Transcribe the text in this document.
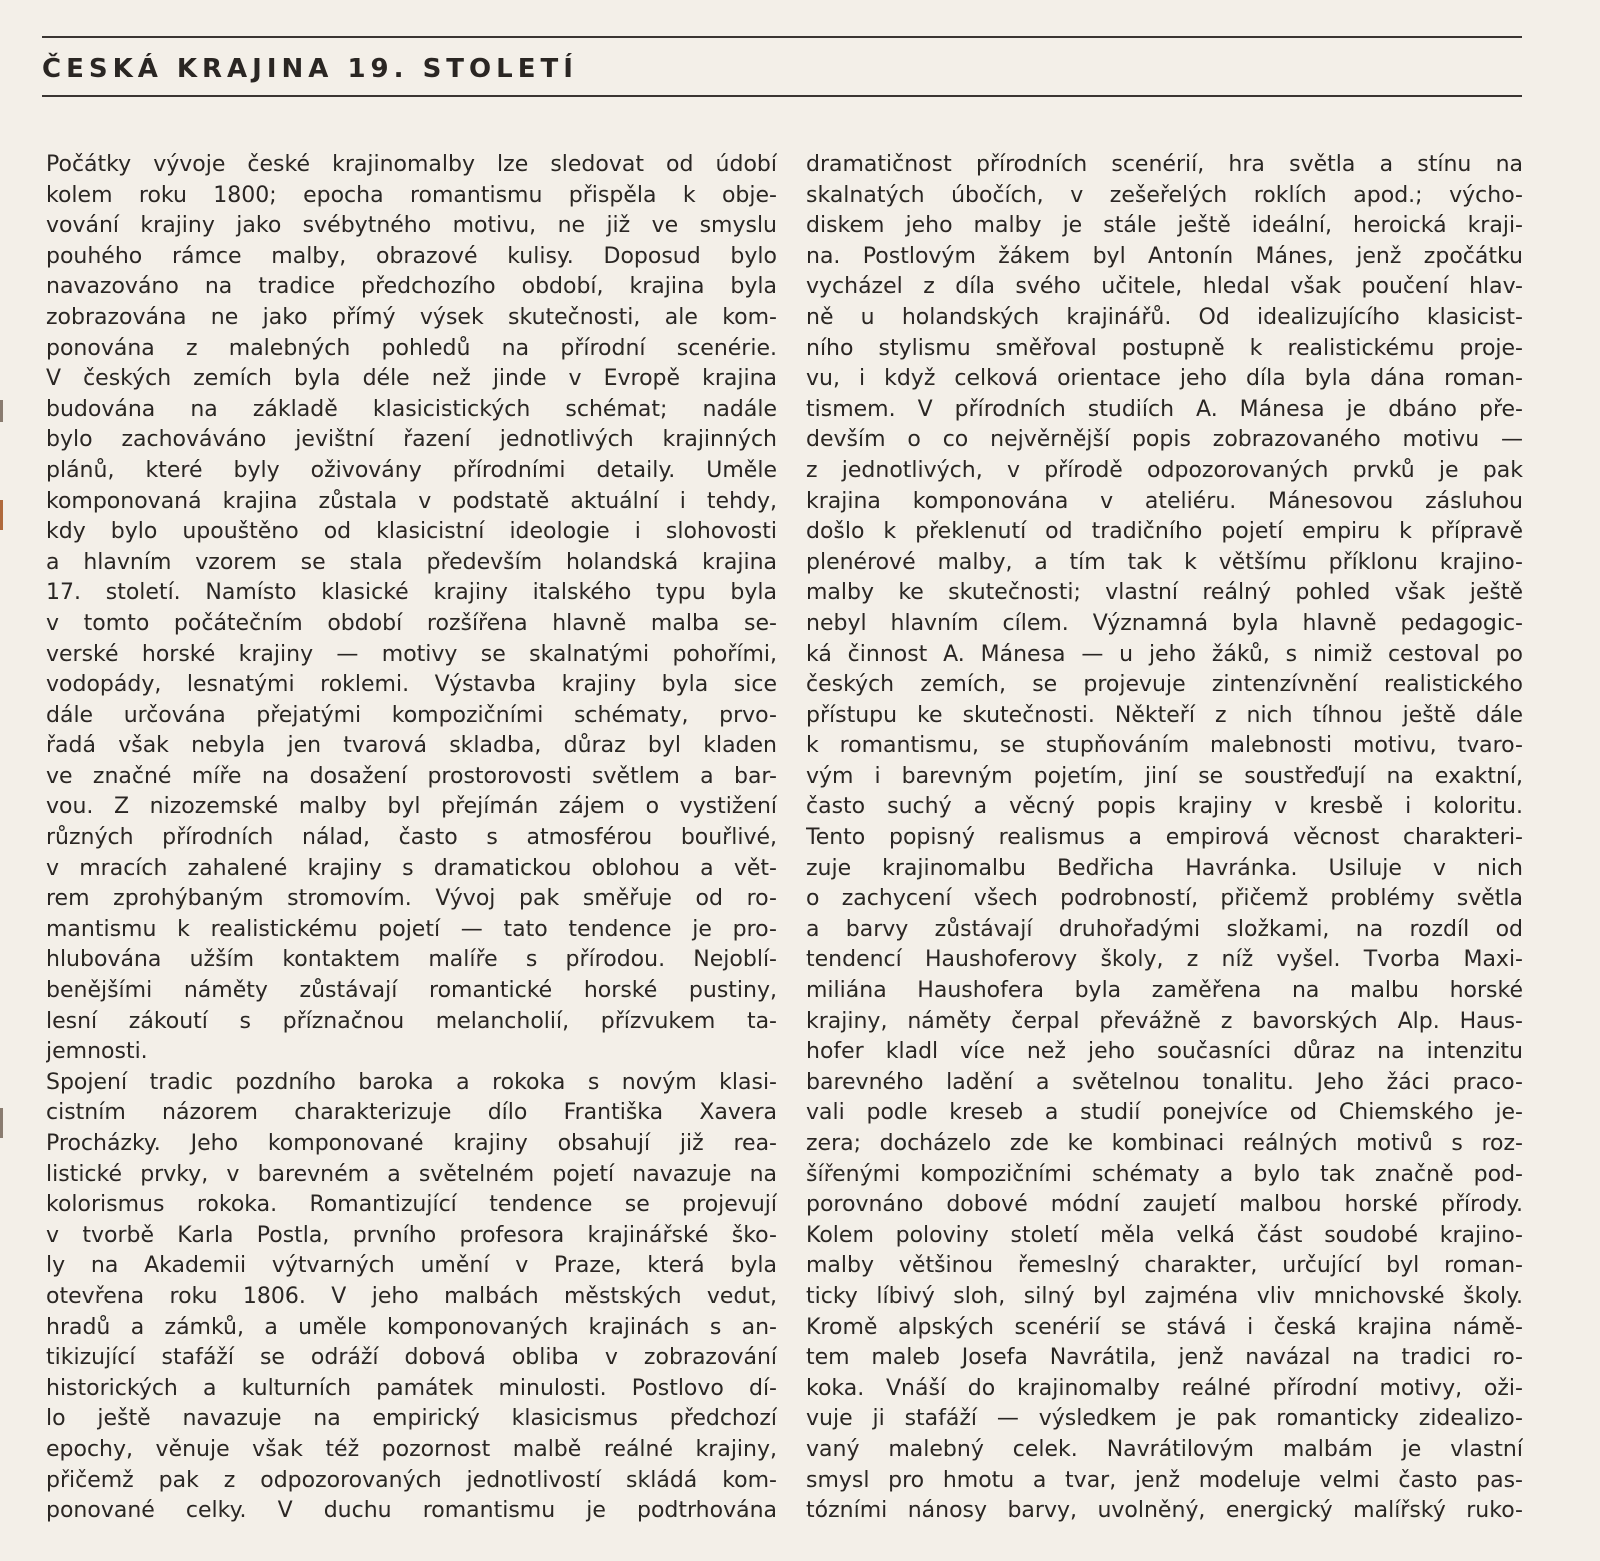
ČESKÁ KRAJINA 19. STOLETÍ
Počátky vývoje české krajinomalby lze sledovat od údobí
kolem roku 1800; epocha romantismu přispěla k obje-
vování krajiny jako svébytného motivu, ne již ve smyslu
pouhého rámce malby, obrazové kulisy. Doposud bylo
navazováno na tradice předchozího období, krajina byla
zobrazována ne jako přímý výsek skutečnosti, ale kom-
ponována z malebných pohledů na přírodní scenérie.
V českých zemích byla déle než jinde v Evropě krajina
budována na základě klasicistických schémat; nadále
bylo zachováváno jevištní řazení jednotlivých krajinných
plánů, které byly oživovány přírodními detaily. Uměle
komponovaná krajina zůstala v podstatě aktuální i tehdy,
kdy bylo upouštěno od klasicistní ideologie i slohovosti
a hlavním vzorem se stala především holandská krajina
17. století. Namísto klasické krajiny italského typu byla
v tomto počátečním období rozšířena hlavně malba se-
verské horské krajiny — motivy se skalnatými pohořími,
vodopády, lesnatými roklemi. Výstavba krajiny byla sice
dále určována přejatými kompozičními schématy, prvo-
řadá však nebyla jen tvarová skladba, důraz byl kladen
ve značné míře na dosažení prostorovosti světlem a bar-
vou. Z nizozemské malby byl přejímán zájem o vystižení
různých přírodních nálad, často s atmosférou bouřlivé,
v mracích zahalené krajiny s dramatickou oblohou a vět-
rem zprohýbaným stromovím. Vývoj pak směřuje od ro-
mantismu k realistickému pojetí — tato tendence je pro-
hlubována užším kontaktem malíře s přírodou. Nejoblí-
benějšími náměty zůstávají romantické horské pustiny,
lesní zákoutí s příznačnou melancholií, přízvukem ta-
jemnosti.
Spojení tradic pozdního baroka a rokoka s novým klasi-
cistním názorem charakterizuje dílo Františka Xavera
Procházky. Jeho komponované krajiny obsahují již rea-
listické prvky, v barevném a světelném pojetí navazuje na
kolorismus rokoka. Romantizující tendence se projevují
v tvorbě Karla Postla, prvního profesora krajinářské ško-
ly na Akademii výtvarných umění v Praze, která byla
otevřena roku 1806. V jeho malbách městských vedut,
hradů a zámků, a uměle komponovaných krajinách s an-
tikizující stafáží se odráží dobová obliba v zobrazování
historických a kulturních památek minulosti. Postlovo dí-
lo ještě navazuje na empirický klasicismus předchozí
epochy, věnuje však též pozornost malbě reálné krajiny,
přičemž pak z odpozorovaných jednotlivostí skládá kom-
ponované celky. V duchu romantismu je podtrhována
dramatičnost přírodních scenérií, hra světla a stínu na
skalnatých úbočích, v zešeřelých roklích apod.; výcho-
diskem jeho malby je stále ještě ideální, heroická kraji-
na. Postlovým žákem byl Antonín Mánes, jenž zpočátku
vycházel z díla svého učitele, hledal však poučení hlav-
ně u holandských krajinářů. Od idealizujícího klasicist-
ního stylismu směřoval postupně k realistickému proje-
vu, i když celková orientace jeho díla byla dána roman-
tismem. V přírodních studiích A. Mánesa je dbáno pře-
devším o co nejvěrnější popis zobrazovaného motivu —
z jednotlivých, v přírodě odpozorovaných prvků je pak
krajina komponována v ateliéru. Mánesovou zásluhou
došlo k překlenutí od tradičního pojetí empiru k přípravě
plenérové malby, a tím tak k většímu příklonu krajino-
malby ke skutečnosti; vlastní reálný pohled však ještě
nebyl hlavním cílem. Významná byla hlavně pedagogic-
ká činnost A. Mánesa — u jeho žáků, s nimiž cestoval po
českých zemích, se projevuje zintenzívnění realistického
přístupu ke skutečnosti. Někteří z nich tíhnou ještě dále
k romantismu, se stupňováním malebnosti motivu, tvaro-
vým i barevným pojetím, jiní se soustřeďují na exaktní,
často suchý a věcný popis krajiny v kresbě i koloritu.
Tento popisný realismus a empirová věcnost charakteri-
zuje krajinomalbu Bedřicha Havránka. Usiluje v nich
o zachycení všech podrobností, přičemž problémy světla
a barvy zůstávají druhořadými složkami, na rozdíl od
tendencí Haushoferovy školy, z níž vyšel. Tvorba Maxi-
miliána Haushofera byla zaměřena na malbu horské
krajiny, náměty čerpal převážně z bavorských Alp. Haus-
hofer kladl více než jeho současníci důraz na intenzitu
barevného ladění a světelnou tonalitu. Jeho žáci praco-
vali podle kreseb a studií ponejvíce od Chiemského je-
zera; docházelo zde ke kombinaci reálných motivů s roz-
šířenými kompozičními schématy a bylo tak značně pod-
porovnáno dobové módní zaujetí malbou horské přírody.
Kolem poloviny století měla velká část soudobé krajino-
malby většinou řemeslný charakter, určující byl roman-
ticky líbivý sloh, silný byl zajména vliv mnichovské školy.
Kromě alpských scenérií se stává i česká krajina námě-
tem maleb Josefa Navrátila, jenž navázal na tradici ro-
koka. Vnáší do krajinomalby reálné přírodní motivy, oži-
vuje ji stafáží — výsledkem je pak romanticky zidealizo-
vaný malebný celek. Navrátilovým malbám je vlastní
smysl pro hmotu a tvar, jenž modeluje velmi často pas-
tózními nánosy barvy, uvolněný, energický malířský ruko-
